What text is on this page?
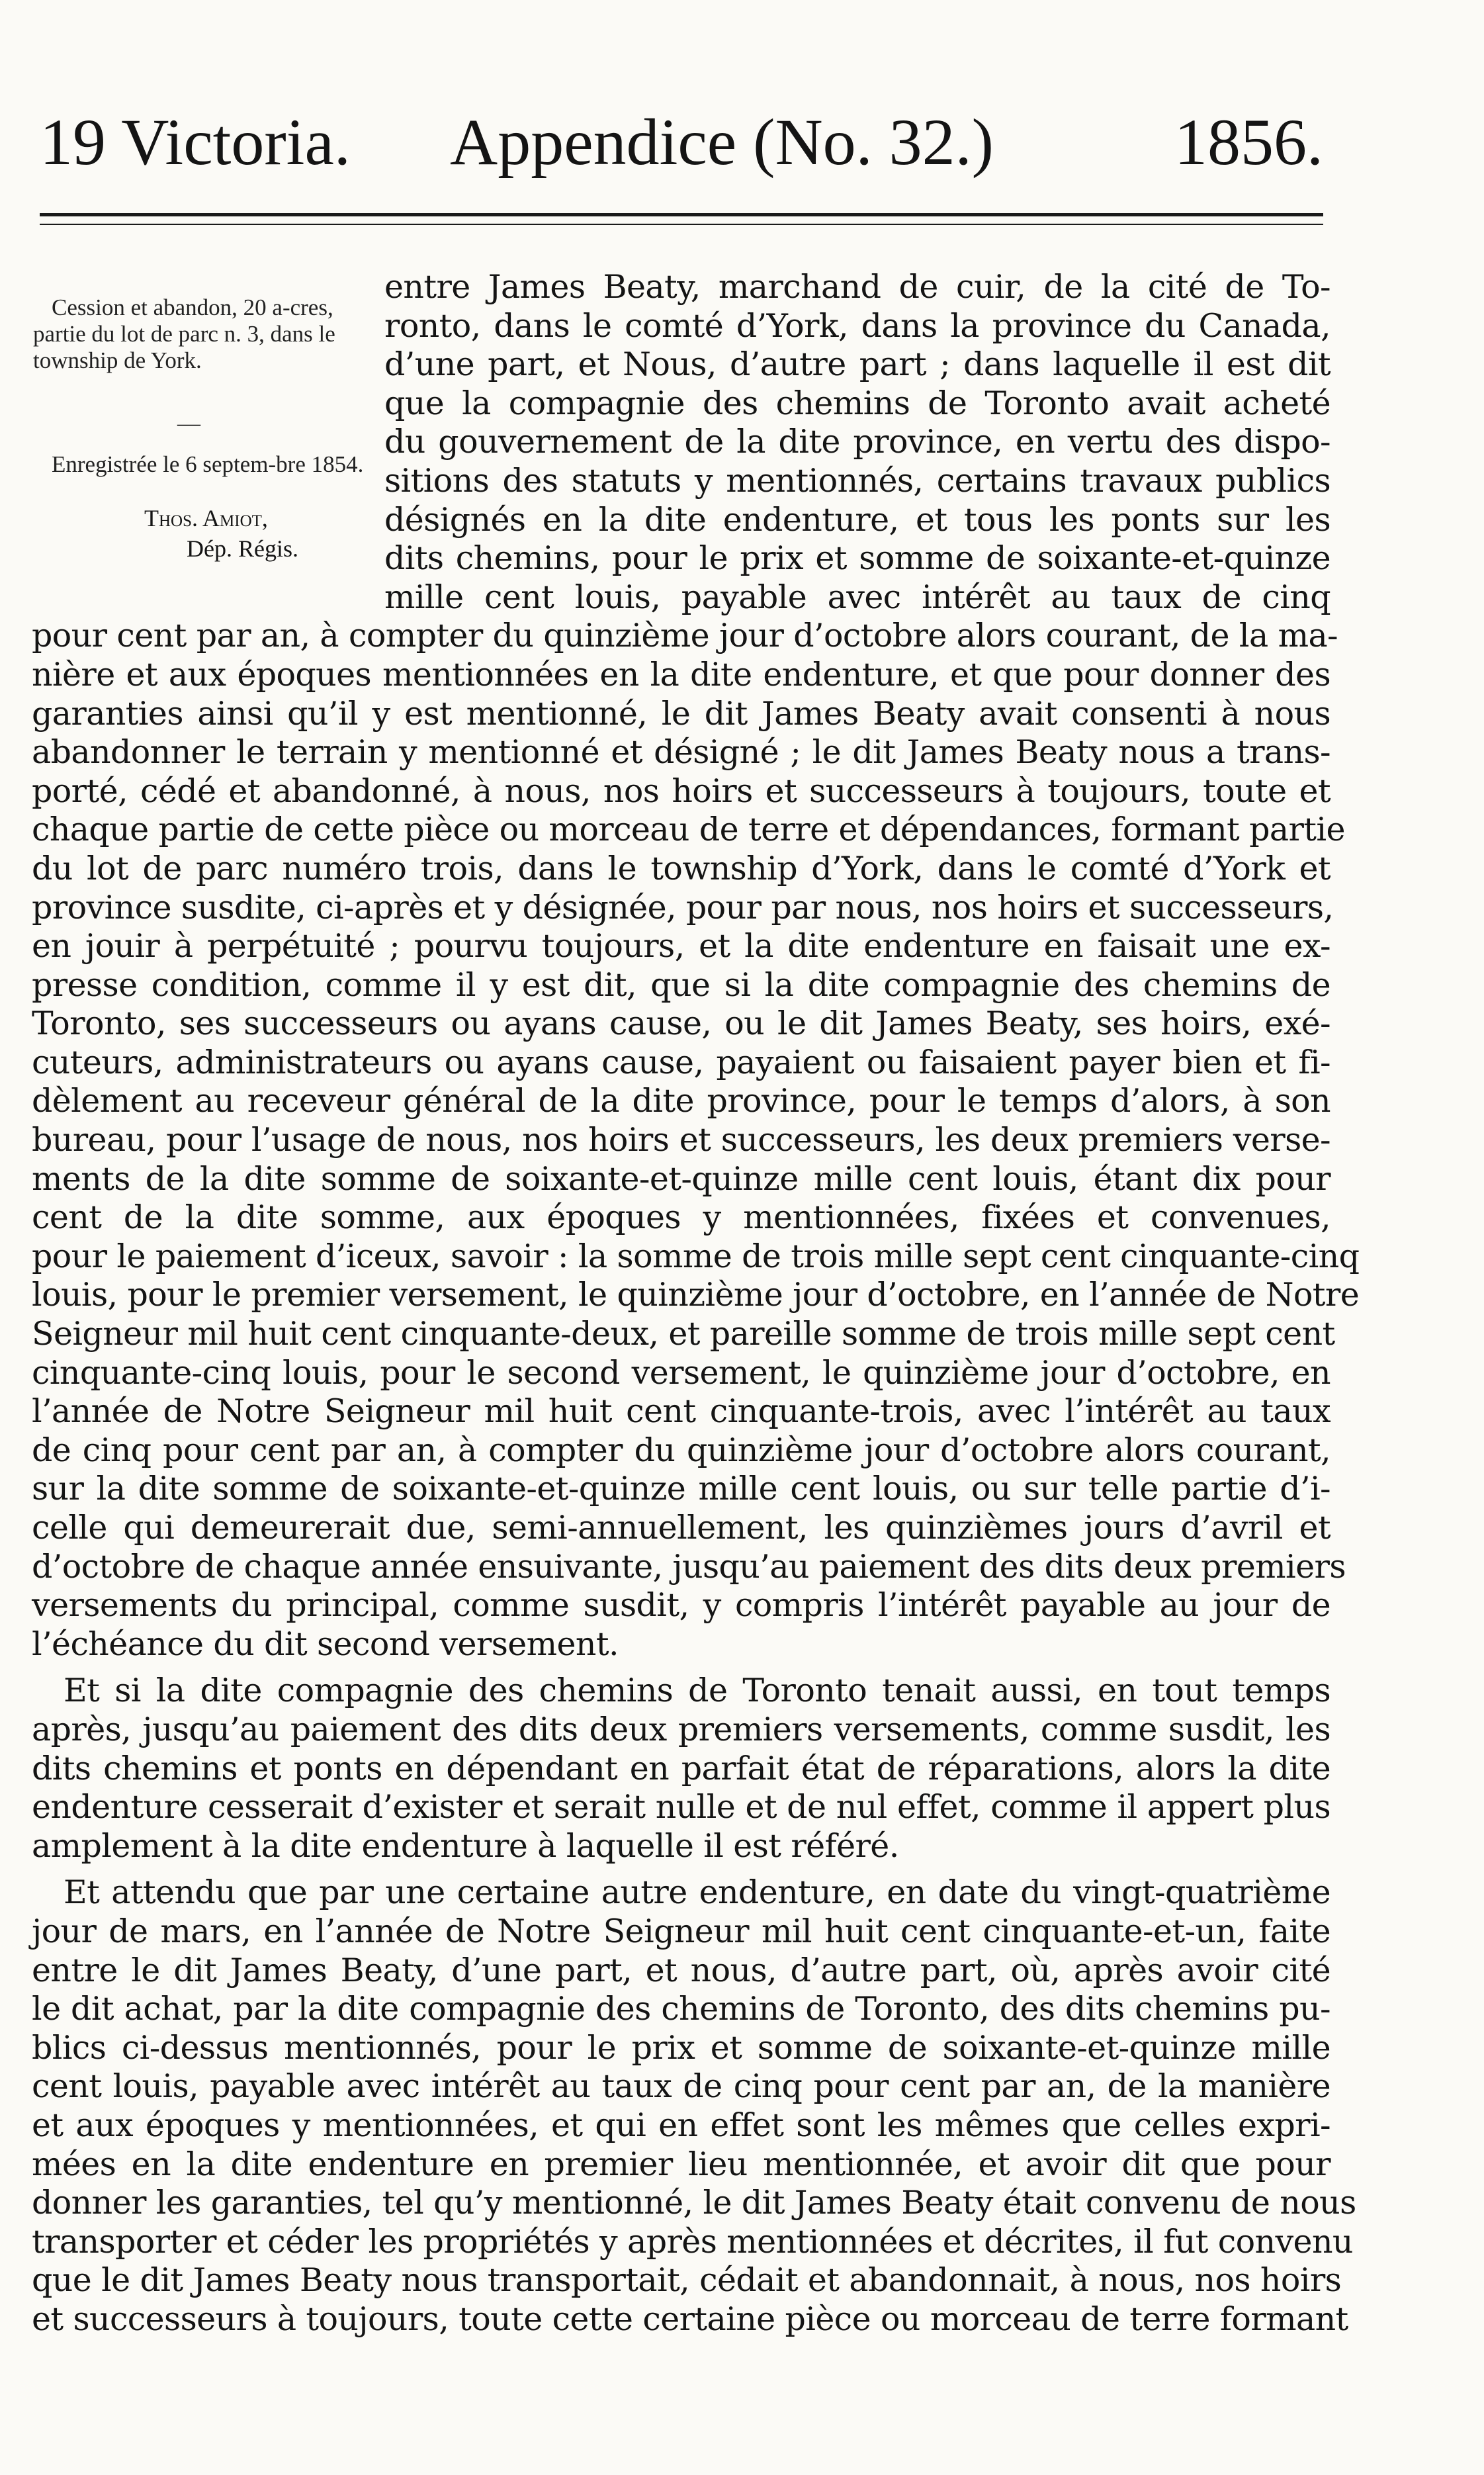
19 Victoria. Appendice (No. 32.)	1856.
Cession et abandon, 20 a-cres, partie du lot de parc n. 3, dans le township de York.
—
Enregistrée le 6 septem-bre 1854.
Thos. Amiot,
Dép. Régis.
entre James Beaty, marchand de cuir, de la cité de To-
ronto, dans le comté d’York, dans la province du Canada,
d’une part, et Nous, d’autre part ; dans laquelle il est dit
que la compagnie des chemins de Toronto avait acheté
du gouvernement de la dite province, en vertu des dispo-
sitions des statuts y mentionnés, certains travaux publics
désignés en la dite endenture, et tous les ponts sur les
dits chemins, pour le prix et somme de soixante-et-quinze
mille cent louis, payable avec intérêt au taux de cinq
pour cent par an, à compter du quinzième jour d’octobre alors courant, de la ma-
nière et aux époques mentionnées en la dite endenture, et que pour donner des
garanties ainsi qu’il y est mentionné, le dit James Beaty avait consenti à nous
abandonner le terrain y mentionné et désigné ; le dit James Beaty nous a trans-
porté, cédé et abandonné, à nous, nos hoirs et successeurs à toujours, toute et
chaque partie de cette pièce ou morceau de terre et dépendances, formant partie
du lot de parc numéro trois, dans le township d’York, dans le comté d’York et
province susdite, ci-après et y désignée, pour par nous, nos hoirs et successeurs,
en jouir à perpétuité ; pourvu toujours, et la dite endenture en faisait une ex-
presse condition, comme il y est dit, que si la dite compagnie des chemins de
Toronto, ses successeurs ou ayans cause, ou le dit James Beaty, ses hoirs, exé-
cuteurs, administrateurs ou ayans cause, payaient ou faisaient payer bien et fi-
dèlement au receveur général de la dite province, pour le temps d’alors, à son
bureau, pour l’usage de nous, nos hoirs et successeurs, les deux premiers verse-
ments de la dite somme de soixante-et-quinze mille cent louis, étant dix pour
cent de la dite somme, aux époques y mentionnées, fixées et convenues,
pour le paiement d’iceux, savoir : la somme de trois mille sept cent cinquante-cinq
louis, pour le premier versement, le quinzième jour d’octobre, en l’année de Notre
Seigneur mil huit cent cinquante-deux, et pareille somme de trois mille sept cent
cinquante-cinq louis, pour le second versement, le quinzième jour d’octobre, en
l’année de Notre Seigneur mil huit cent cinquante-trois, avec l’intérêt au taux
de cinq pour cent par an, à compter du quinzième jour d’octobre alors courant,
sur la dite somme de soixante-et-quinze mille cent louis, ou sur telle partie d’i-
celle qui demeurerait due, semi-annuellement, les quinzièmes jours d’avril et
d’octobre de chaque année ensuivante, jusqu’au paiement des dits deux premiers
versements du principal, comme susdit, y compris l’intérêt payable au jour de
l’échéance du dit second versement.
Et si la dite compagnie des chemins de Toronto tenait aussi, en tout temps
après, jusqu’au paiement des dits deux premiers versements, comme susdit, les
dits chemins et ponts en dépendant en parfait état de réparations, alors la dite
endenture cesserait d’exister et serait nulle et de nul effet, comme il appert plus
amplement à la dite endenture à laquelle il est référé.
Et attendu que par une certaine autre endenture, en date du vingt-quatrième
jour de mars, en l’année de Notre Seigneur mil huit cent cinquante-et-un, faite
entre le dit James Beaty, d’une part, et nous, d’autre part, où, après avoir cité
le dit achat, par la dite compagnie des chemins de Toronto, des dits chemins pu-
blics ci-dessus mentionnés, pour le prix et somme de soixante-et-quinze mille
cent louis, payable avec intérêt au taux de cinq pour cent par an, de la manière
et aux époques y mentionnées, et qui en effet sont les mêmes que celles expri-
mées en la dite endenture en premier lieu mentionnée, et avoir dit que pour
donner les garanties, tel qu’y mentionné, le dit James Beaty était convenu de nous
transporter et céder les propriétés y après mentionnées et décrites, il fut convenu
que le dit James Beaty nous transportait, cédait et abandonnait, à nous, nos hoirs
et successeurs à toujours, toute cette certaine pièce ou morceau de terre formant
